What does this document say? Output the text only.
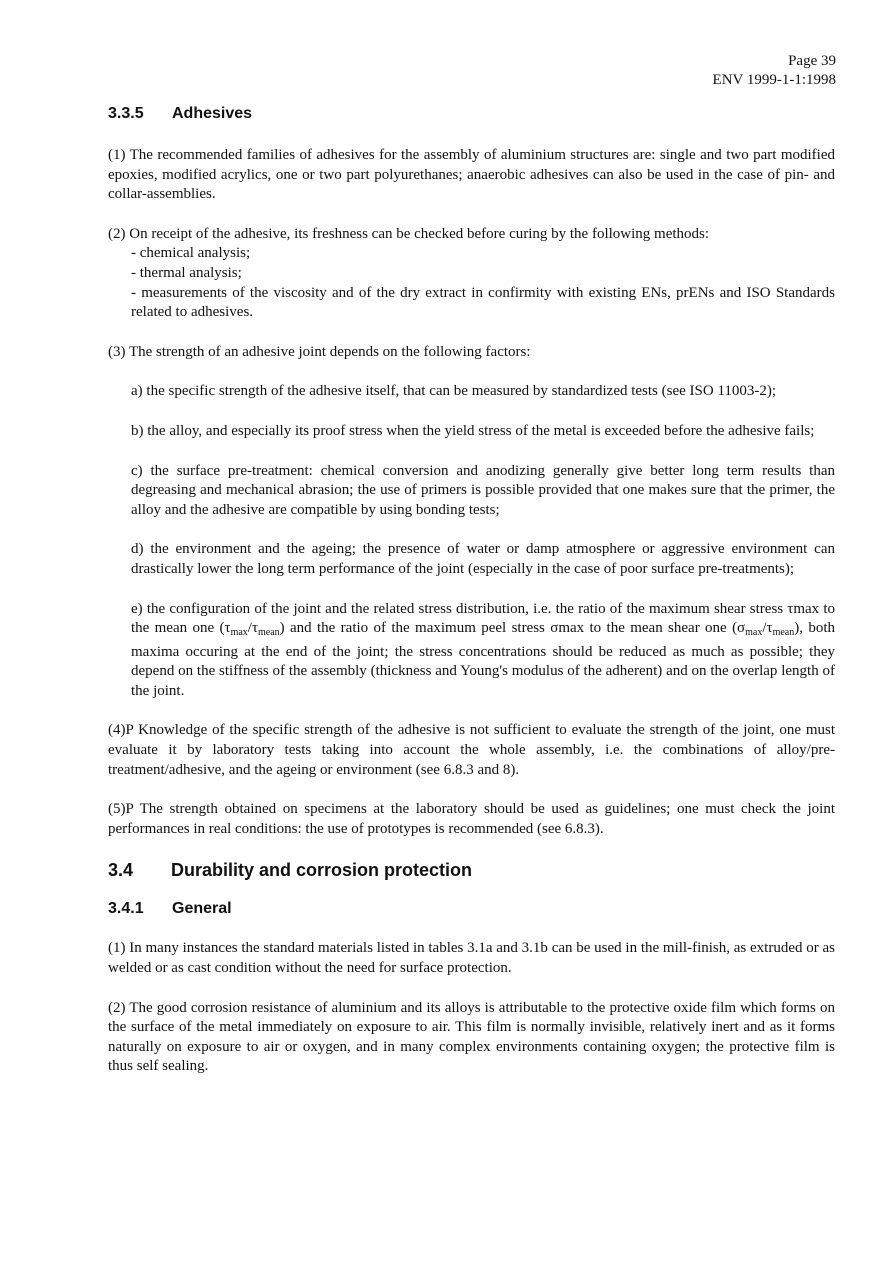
Page 39
ENV 1999-1-1:1998
3.3.5 Adhesives

(1) The recommended families of adhesives for the assembly of aluminium structures are: single and two part modified epoxies, modified acrylics, one or two part polyurethanes; anaerobic adhesives can also be used in the case of pin- and collar-assemblies.

(2) On receipt of the adhesive, its freshness can be checked before curing by the following methods:

- chemical analysis;

- thermal analysis;

- measurements of the viscosity and of the dry extract in confirmity with existing ENs, prENs and ISO Standards related to adhesives.

(3) The strength of an adhesive joint depends on the following factors:

a) the specific strength of the adhesive itself, that can be measured by standardized tests (see ISO 11003-2);

b) the alloy, and especially its proof stress when the yield stress of the metal is exceeded before the adhesive fails;

c) the surface pre-treatment: chemical conversion and anodizing generally give better long term results than degreasing and mechanical abrasion; the use of primers is possible provided that one makes sure that the primer, the alloy and the adhesive are compatible by using bonding tests;

d) the environment and the ageing; the presence of water or damp atmosphere or aggressive environment can drastically lower the long term performance of the joint (especially in the case of poor surface pre-treatments);

e) the configuration of the joint and the related stress distribution, i.e. the ratio of the maximum shear stress τmax to the mean one $(\tau_{max}/\tau_{mean})$ and the ratio of the maximum peel stress σmax to the mean shear one $(\sigma_{max}/\tau_{mean})$, both maxima occuring at the end of the joint; the stress concentrations should be reduced as much as possible; they depend on the stiffness of the assembly (thickness and Young's modulus of the adherent) and on the overlap length of the joint.

(4)P Knowledge of the specific strength of the adhesive is not sufficient to evaluate the strength of the joint, one must evaluate it by laboratory tests taking into account the whole assembly, i.e. the combinations of alloy/pre-treatment/adhesive, and the ageing or environment (see 6.8.3 and 8).

(5)P The strength obtained on specimens at the laboratory should be used as guidelines; one must check the joint performances in real conditions: the use of prototypes is recommended (see 6.8.3).

3.4 Durability and corrosion protection
3.4.1 General

(1) In many instances the standard materials listed in tables 3.1a and 3.1b can be used in the mill-finish, as extruded or as welded or as cast condition without the need for surface protection.

(2) The good corrosion resistance of aluminium and its alloys is attributable to the protective oxide film which forms on the surface of the metal immediately on exposure to air. This film is normally invisible, relatively inert and as it forms naturally on exposure to air or oxygen, and in many complex environments containing oxygen; the protective film is thus self sealing.
